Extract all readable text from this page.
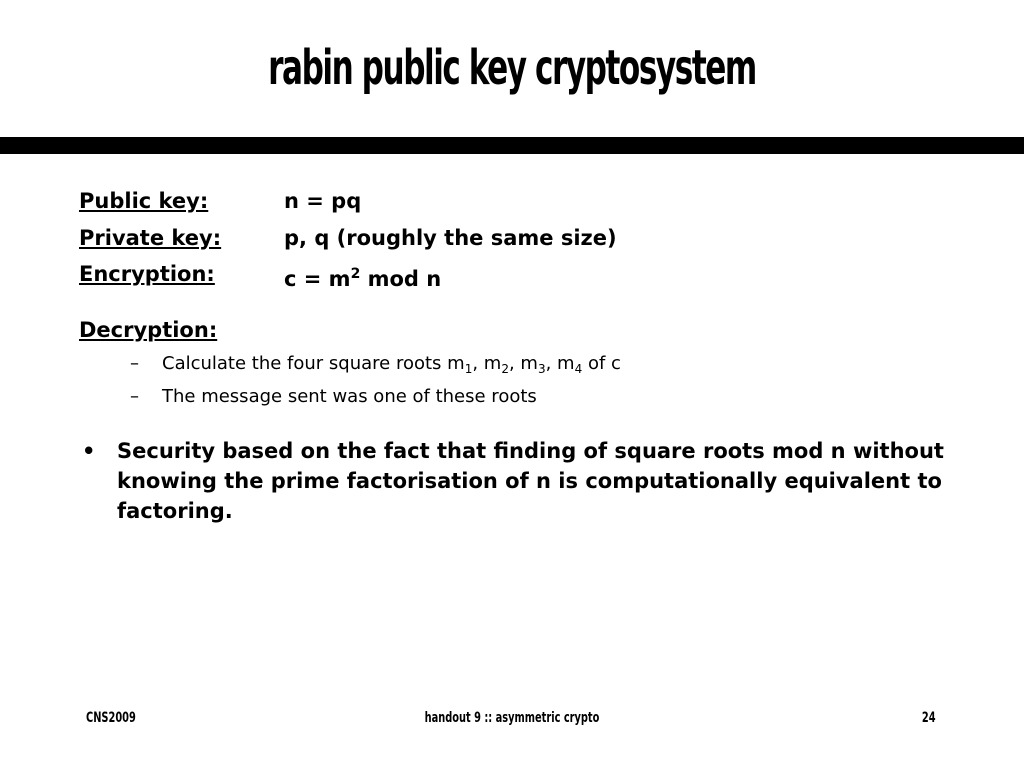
rabin public key cryptosystem
Public key:	n = pq
Private key:	p, q (roughly the same size)
Encryption:	$c = m^2$ mod n
Decryption:
– Calculate the four square roots $m_1$, $m_2$, $m_3$, $m_4$ of c
– The message sent was one of these roots
• Security based on the fact that finding of square roots mod n without knowing the prime factorisation of n is computationally equivalent to factoring.
CNS2009	handout 9 :: asymmetric crypto	24
